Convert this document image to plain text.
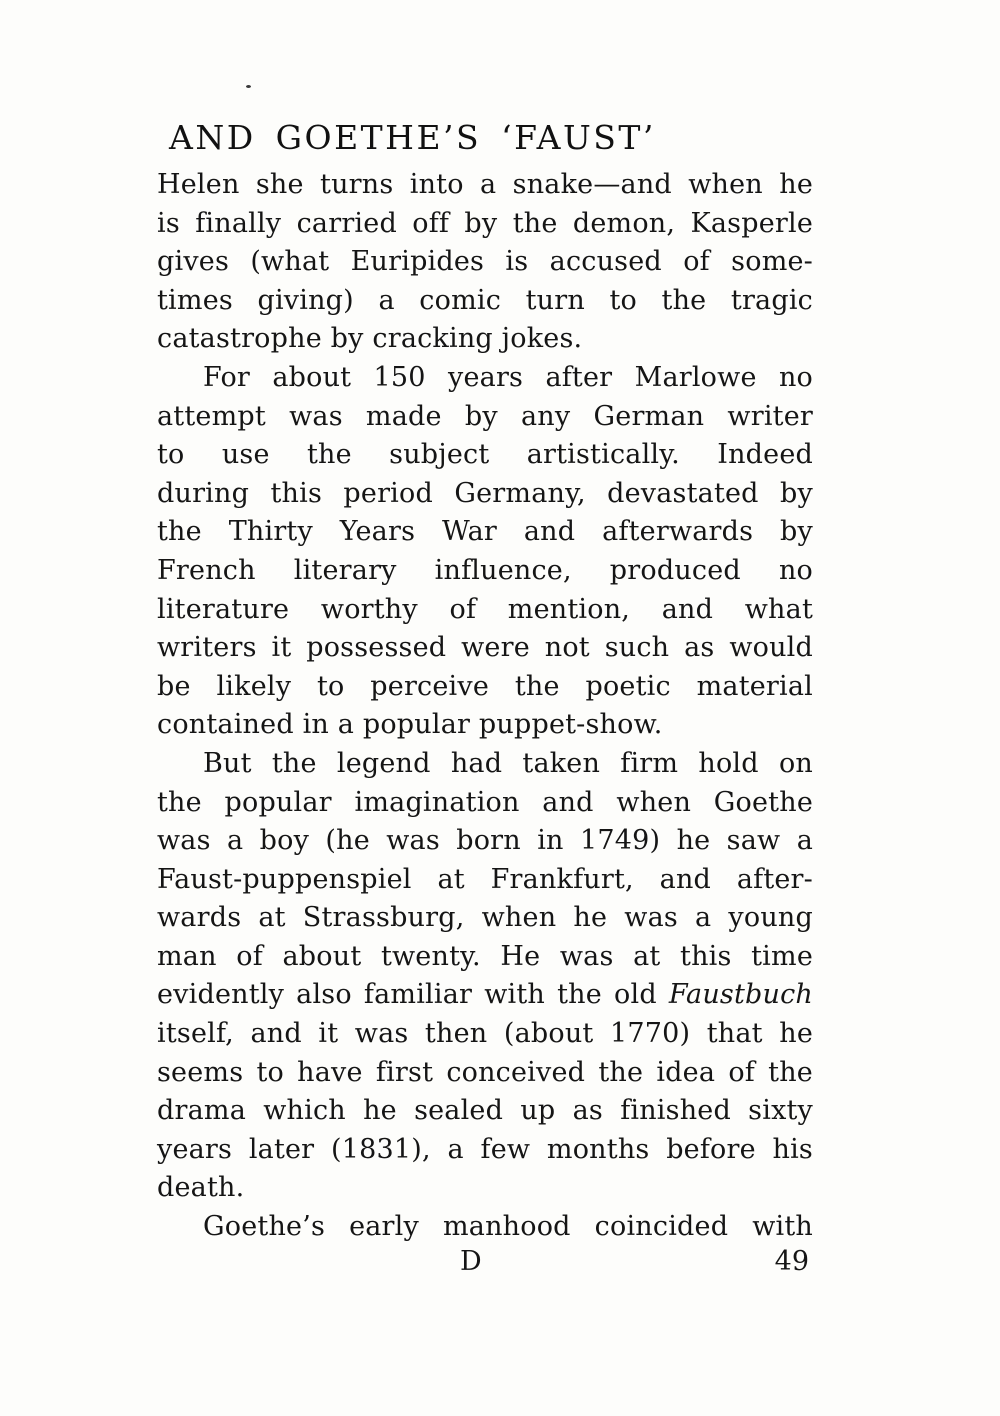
AND GOETHE’S ‘FAUST’
Helen she turns into a snake—and when he
is finally carried off by the demon, Kasperle
gives (what Euripides is accused of some-
times giving) a comic turn to the tragic
catastrophe by cracking jokes.
For about 150 years after Marlowe no
attempt was made by any German writer
to use the subject artistically. Indeed
during this period Germany, devastated by
the Thirty Years War and afterwards by
French literary influence, produced no
literature worthy of mention, and what
writers it possessed were not such as would
be likely to perceive the poetic material
contained in a popular puppet-show.
But the legend had taken firm hold on
the popular imagination and when Goethe
was a boy (he was born in 1749) he saw a
Faust-puppenspiel at Frankfurt, and after-
wards at Strassburg, when he was a young
man of about twenty. He was at this time
evidently also familiar with the old Faustbuch
itself, and it was then (about 1770) that he
seems to have first conceived the idea of the
drama which he sealed up as finished sixty
years later (1831), a few months before his
death.
Goethe’s early manhood coincided with
D	49
